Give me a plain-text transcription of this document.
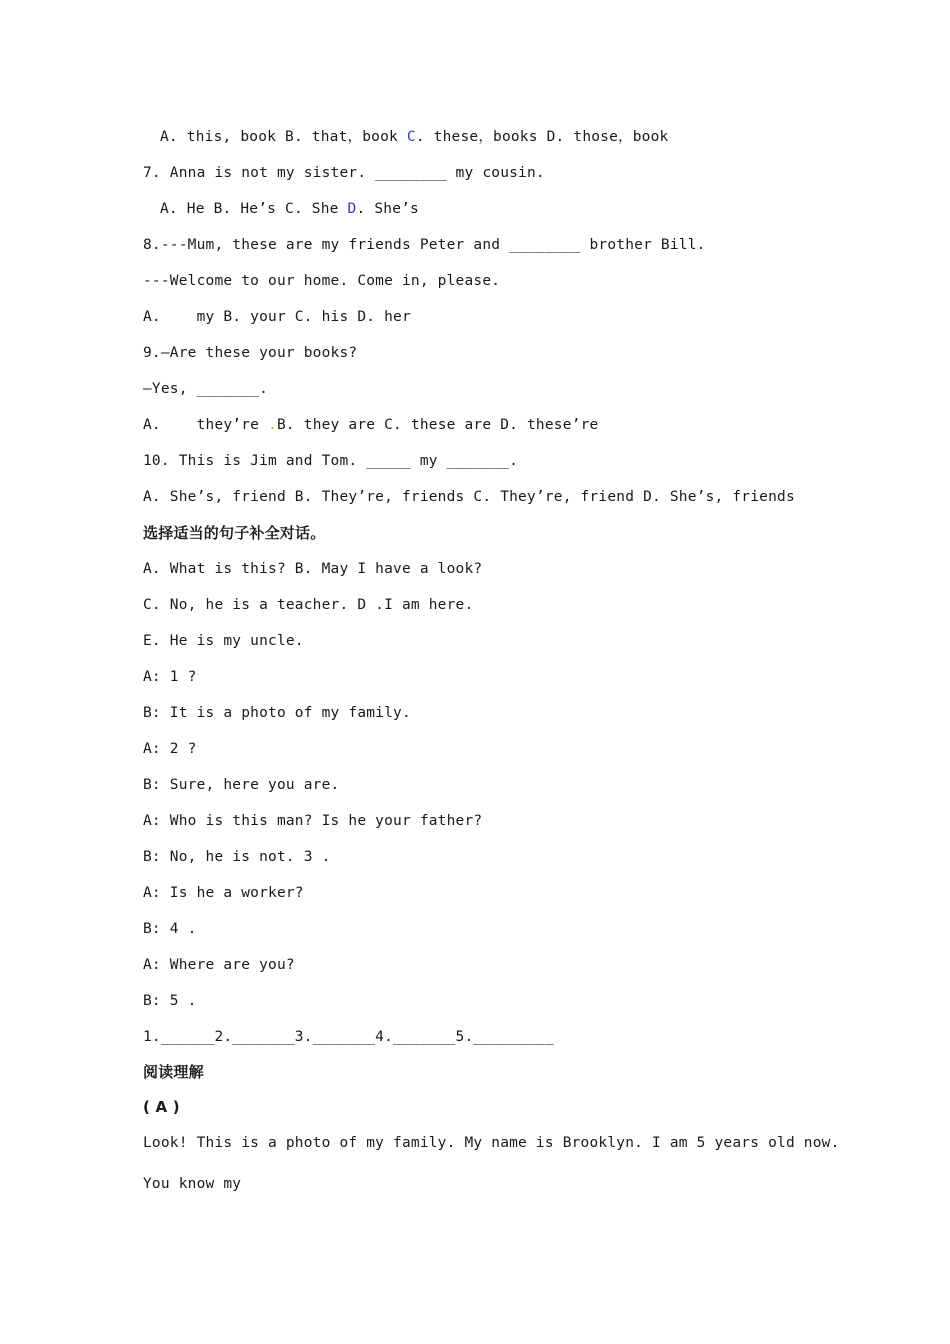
A. this, book B. that，book C. these，books D. those，book
7. Anna is not my sister. ________ my cousin.
A. He B. He’s C. She D. She’s
8.---Mum, these are my friends Peter and ________ brother Bill.
---Welcome to our home. Come in, please.
A.    my B. your C. his D. her
9.—Are these your books?
—Yes, _______.
A.    they’re .B. they are C. these are D. these’re
10. This is Jim and Tom. _____ my _______.
A. She’s, friend B. They’re, friends C. They’re, friend D. She’s, friends
选择适当的句子补全对话。
A. What is this? B. May I have a look?
C. No, he is a teacher. D .I am here.
E. He is my uncle.
A: 1 ?
B: It is a photo of my family.
A: 2 ?
B: Sure, here you are.
A: Who is this man? Is he your father?
B: No, he is not. 3 .
A: Is he a worker?
B: 4 .
A: Where are you?
B: 5 .
1.______2._______3._______4._______5._________
阅读理解
( A )
Look! This is a photo of my family. My name is Brooklyn. I am 5 years old now.
You know my
